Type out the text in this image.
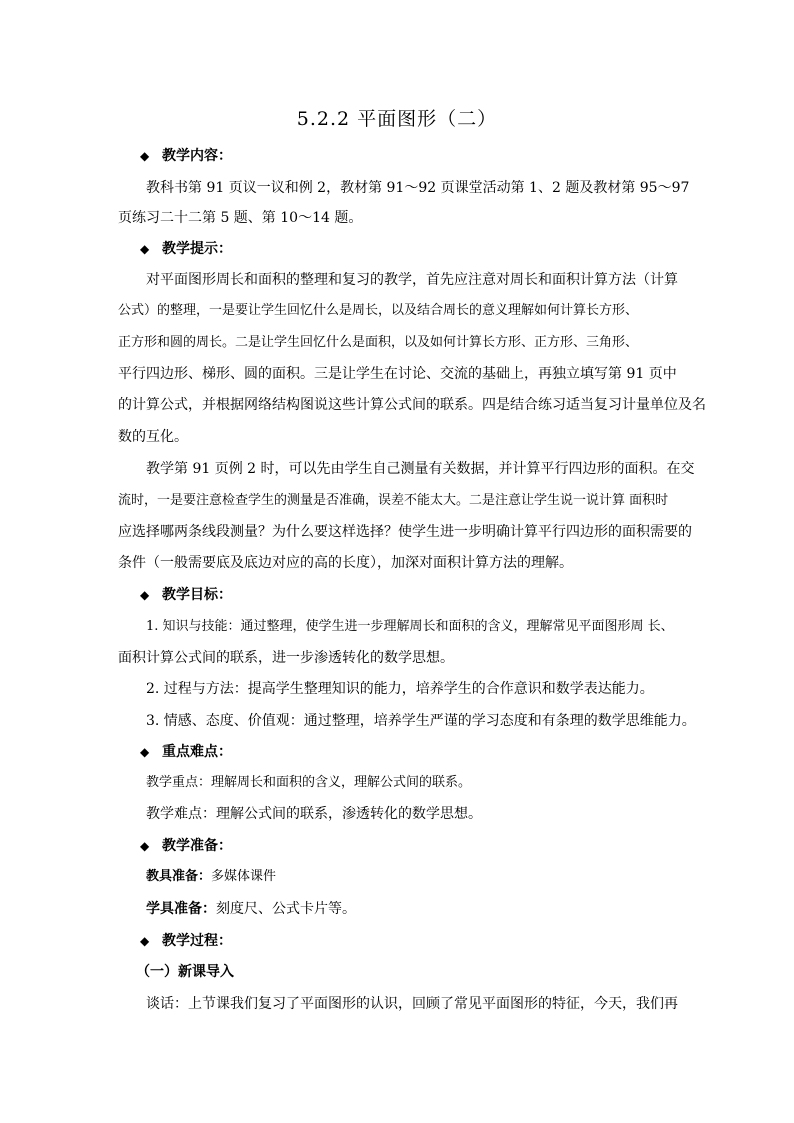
5.2.2 平面图形（二）
◆ 教学内容：
教科书第 91 页议一议和例 2，教材第 91～92 页课堂活动第 1、2 题及教材第 95～97
页练习二十二第 5 题、第 10～14 题。
◆ 教学提示：
对平面图形周长和面积的整理和复习的教学，首先应注意对周长和面积计算方法（计算
公式）的整理，一是要让学生回忆什么是周长，以及结合周长的意义理解如何计算长方形、
正方形和圆的周长。二是让学生回忆什么是面积，以及如何计算长方形、正方形、三角形、
平行四边形、梯形、圆的面积。三是让学生在讨论、交流的基础上，再独立填写第 91 页中
的计算公式，并根据网络结构图说这些计算公式间的联系。四是结合练习适当复习计量单位及名
数的互化。
教学第 91 页例 2 时，可以先由学生自己测量有关数据，并计算平行四边形的面积。在交
流时，一是要注意检查学生的测量是否准确，误差不能太大。二是注意让学生说一说计算 面积时
应选择哪两条线段测量？为什么要这样选择？使学生进一步明确计算平行四边形的面积需要的
条件（一般需要底及底边对应的高的长度），加深对面积计算方法的理解。
◆ 教学目标：
1. 知识与技能：通过整理，使学生进一步理解周长和面积的含义，理解常见平面图形周 长、
面积计算公式间的联系，进一步渗透转化的数学思想。
2. 过程与方法：提高学生整理知识的能力，培养学生的合作意识和数学表达能力。
3. 情感、态度、价值观：通过整理，培养学生严谨的学习态度和有条理的数学思维能力。
◆ 重点难点：
教学重点：理解周长和面积的含义，理解公式间的联系。
教学难点：理解公式间的联系，渗透转化的数学思想。
◆ 教学准备：
教具准备：多媒体课件
学具准备：刻度尺、公式卡片等。
◆ 教学过程：
（一）新课导入
谈话：上节课我们复习了平面图形的认识，回顾了常见平面图形的特征，今天，我们再
